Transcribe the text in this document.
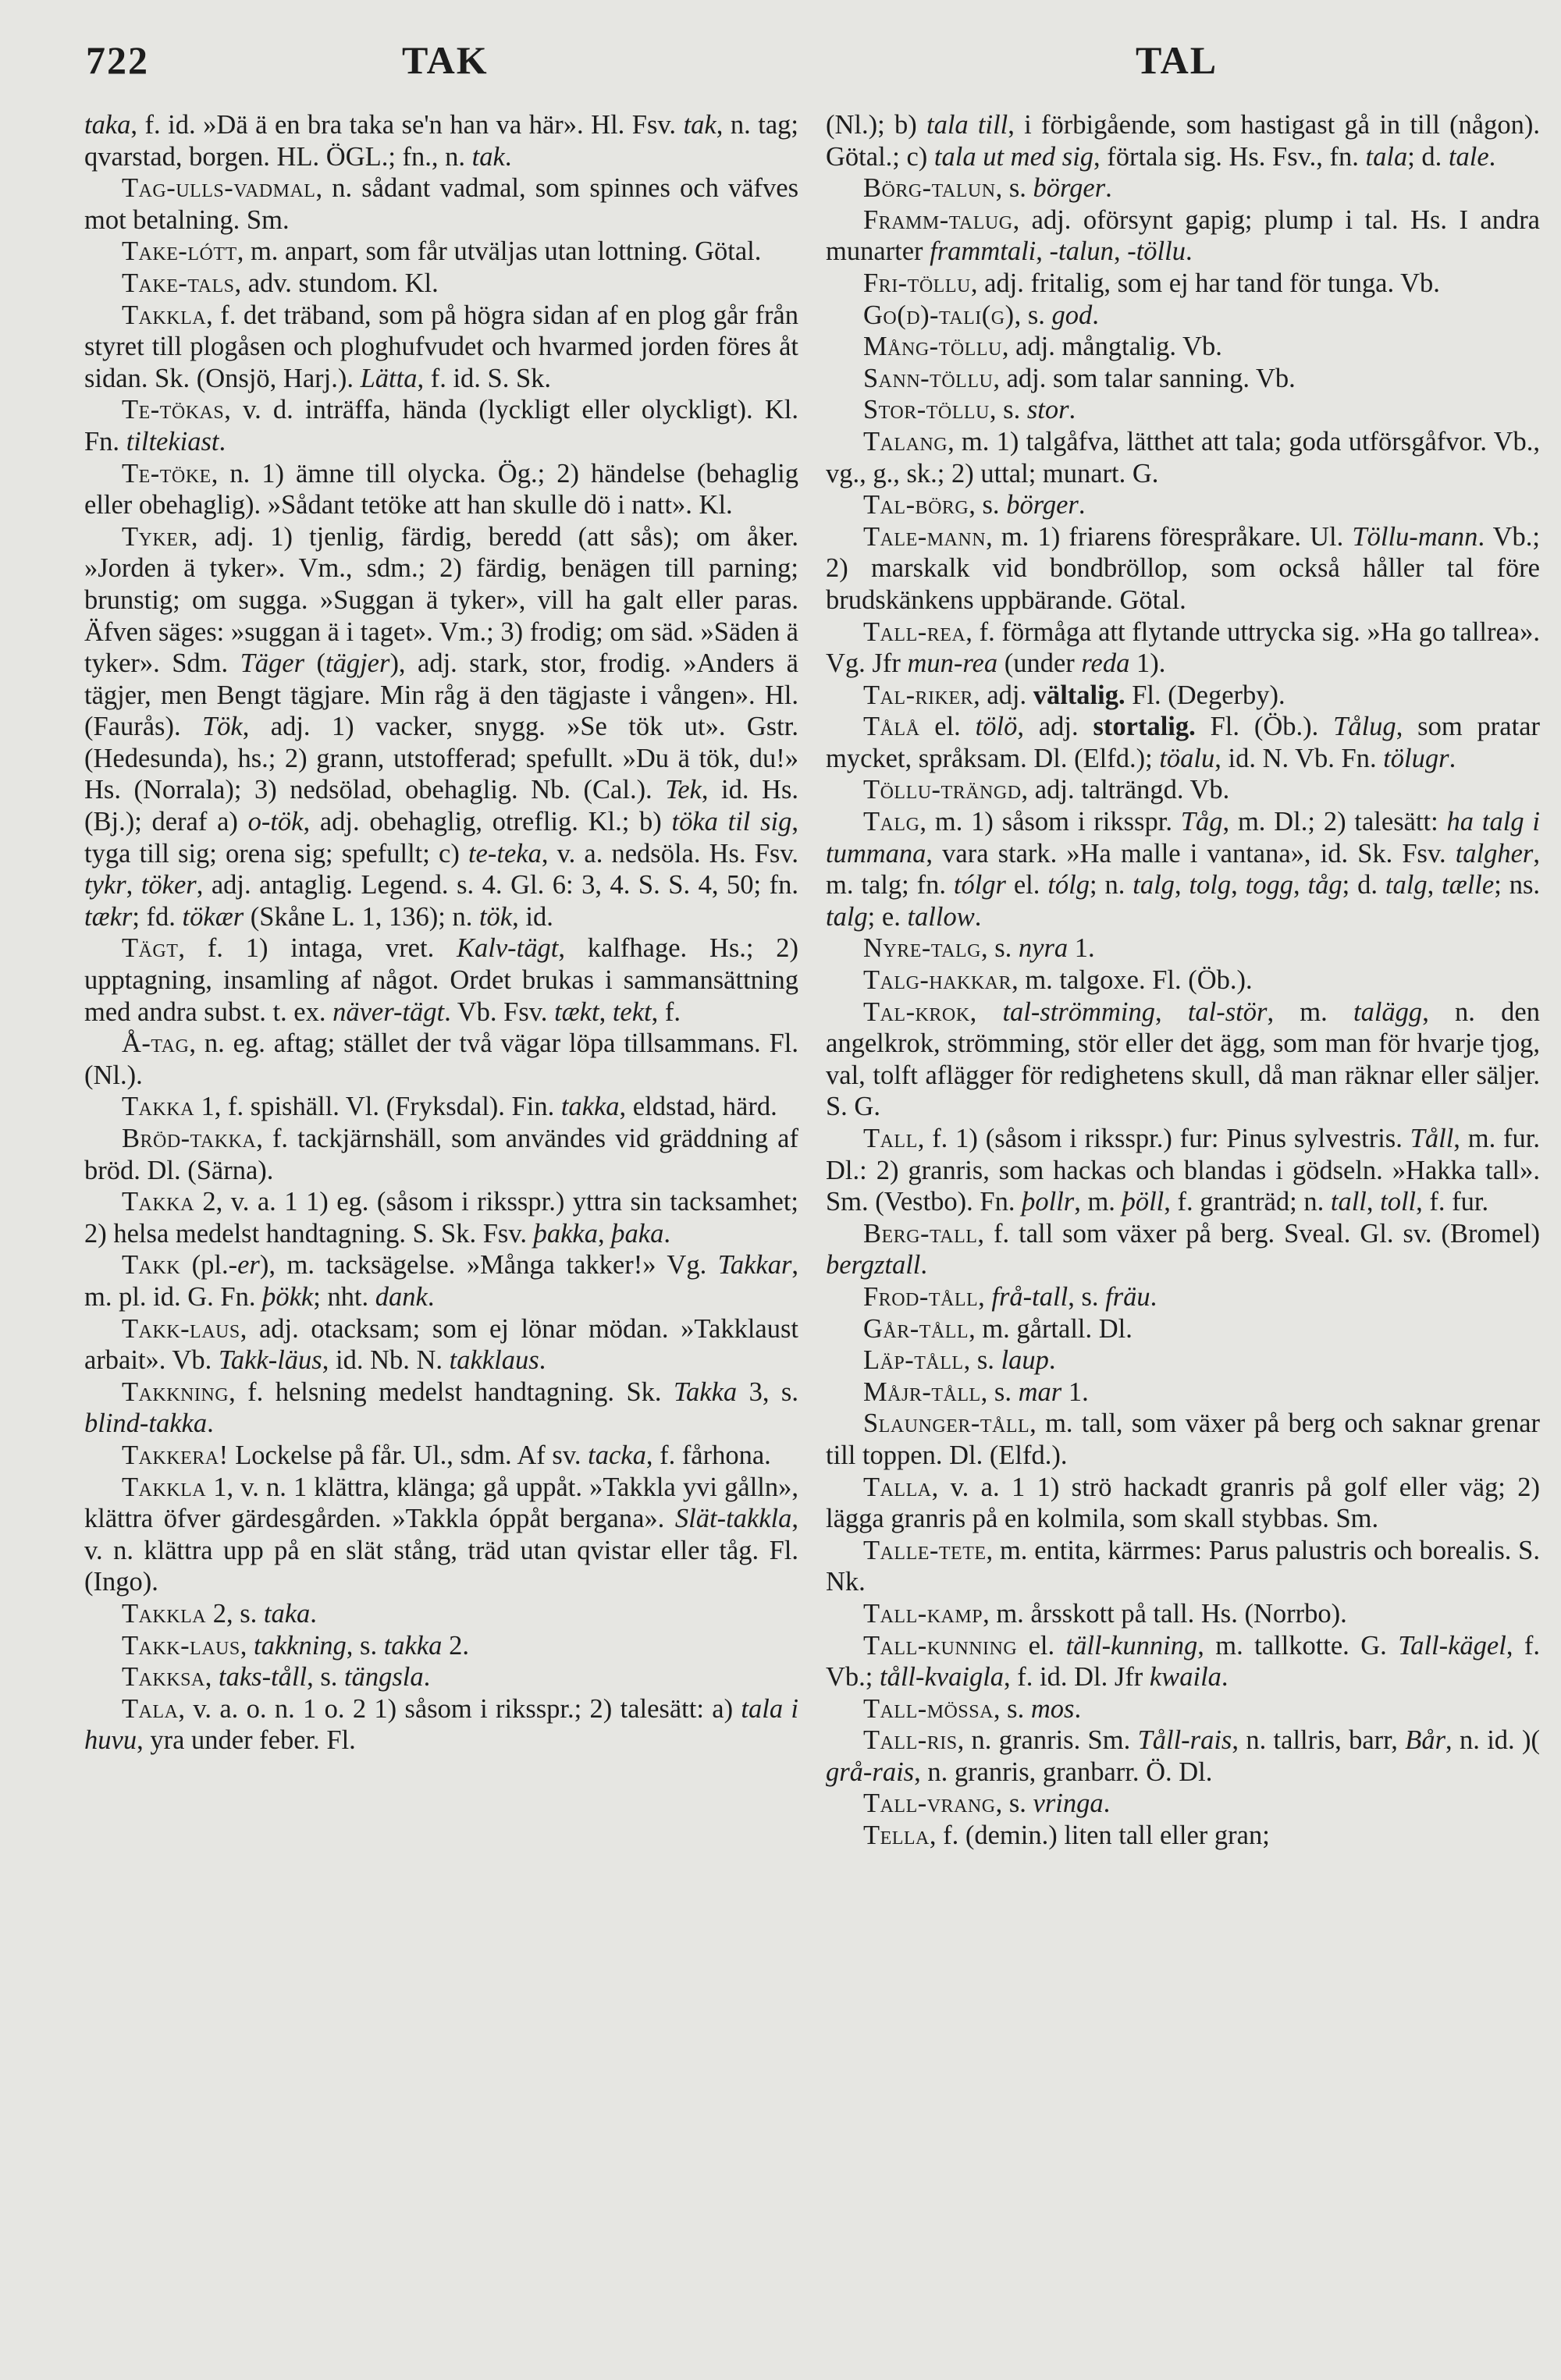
722	TAK	TAL

taka, f. id. »Dä ä en bra taka se'n han va här». Hl. Fsv. tak, n. tag; qvarstad, borgen. HL. ÖGL.; fn., n. tak.

Tag-ulls-vadmal, n. sådant vadmal, som spinnes och väfves mot betalning. Sm.

Take-lótt, m. anpart, som får utväljas utan lottning. Götal.

Take-tals, adv. stundom. Kl.

Takkla, f. det träband, som på högra sidan af en plog går från styret till plogåsen och ploghufvudet och hvarmed jorden föres åt sidan. Sk. (Onsjö, Harj.). Lätta, f. id. S. Sk.

Te-tökas, v. d. inträffa, hända (lyckligt eller olyckligt). Kl. Fn. tiltekiast.

Te-töke, n. 1) ämne till olycka. Ög.; 2) händelse (behaglig eller obehaglig). »Sådant tetöke att han skulle dö i natt». Kl.

Tyker, adj. 1) tjenlig, färdig, beredd (att sås); om åker. »Jorden ä tyker». Vm., sdm.; 2) färdig, benägen till parning; brunstig; om sugga. »Suggan ä tyker», vill ha galt eller paras. Äfven säges: »suggan ä i taget». Vm.; 3) frodig; om säd. »Säden ä tyker». Sdm. Täger (tägjer), adj. stark, stor, frodig. »Anders ä tägjer, men Bengt tägjare. Min råg ä den tägjaste i vången». Hl. (Faurås). Tök, adj. 1) vacker, snygg. »Se tök ut». Gstr. (Hedesunda), hs.; 2) grann, utstofferad; spefullt. »Du ä tök, du!» Hs. (Norrala); 3) nedsölad, obehaglig. Nb. (Cal.). Tek, id. Hs. (Bj.); deraf a) o-tök, adj. obehaglig, otreflig. Kl.; b) töka til sig, tyga till sig; orena sig; spefullt; c) te-teka, v. a. nedsöla. Hs. Fsv. tykr, töker, adj. antaglig. Legend. s. 4. Gl. 6: 3, 4. S. S. 4, 50; fn. tækr; fd. tökær (Skåne L. 1, 136); n. tök, id.

Tägt, f. 1) intaga, vret. Kalv-tägt, kalfhage. Hs.; 2) upptagning, insamling af något. Ordet brukas i sammansättning med andra subst. t. ex. näver-tägt. Vb. Fsv. tækt, tekt, f.

Å-tag, n. eg. aftag; stället der två vägar löpa tillsammans. Fl. (Nl.).

Takka 1, f. spishäll. Vl. (Fryksdal). Fin. takka, eldstad, härd.

Bröd-takka, f. tackjärnshäll, som användes vid gräddning af bröd. Dl. (Särna).

Takka 2, v. a. 1 1) eg. (såsom i riksspr.) yttra sin tacksamhet; 2) helsa medelst handtagning. S. Sk. Fsv. þakka, þaka.

Takk (pl.-er), m. tacksägelse. »Många takker!» Vg. Takkar, m. pl. id. G. Fn. þökk; nht. dank.

Takk-laus, adj. otacksam; som ej lönar mödan. »Takklaust arbait». Vb. Takk-läus, id. Nb. N. takklaus.

Takkning, f. helsning medelst handtagning. Sk. Takka 3, s. blind-takka.

Takkera! Lockelse på får. Ul., sdm. Af sv. tacka, f. fårhona.

Takkla 1, v. n. 1 klättra, klänga; gå uppåt. »Takkla yvi gålln», klättra öfver gärdesgården. »Takkla óppåt bergana». Slät-takkla, v. n. klättra upp på en slät stång, träd utan qvistar eller tåg. Fl. (Ingo).

Takkla 2, s. taka.

Takk-laus, takkning, s. takka 2.

Takksa, taks-tåll, s. tängsla.

Tala, v. a. o. n. 1 o. 2 1) såsom i riksspr.; 2) talesätt: a) tala i huvu, yra under feber. Fl.

(Nl.); b) tala till, i förbigående, som hastigast gå in till (någon). Götal.; c) tala ut med sig, förtala sig. Hs. Fsv., fn. tala; d. tale.

Börg-talun, s. börger.

Framm-talug, adj. oförsynt gapig; plump i tal. Hs. I andra munarter frammtali, -talun, -töllu.

Fri-töllu, adj. fritalig, som ej har tand för tunga. Vb.

Go(d)-tali(g), s. god.

Mång-töllu, adj. mångtalig. Vb.

Sann-töllu, adj. som talar sanning. Vb.

Stor-töllu, s. stor.

Talang, m. 1) talgåfva, lätthet att tala; goda utförsgåfvor. Vb., vg., g., sk.; 2) uttal; munart. G.

Tal-börg, s. börger.

Tale-mann, m. 1) friarens förespråkare. Ul. Töllu-mann. Vb.; 2) marskalk vid bondbröllop, som också håller tal före brudskänkens uppbärande. Götal.

Tall-rea, f. förmåga att flytande uttrycka sig. »Ha go tallrea». Vg. Jfr mun-rea (under reda 1).

Tal-riker, adj. vältalig. Fl. (Degerby).

Tålå el. tölö, adj. stortalig. Fl. (Öb.). Tålug, som pratar mycket, språksam. Dl. (Elfd.); töalu, id. N. Vb. Fn. tölugr.

Töllu-trängd, adj. talträngd. Vb.

Talg, m. 1) såsom i riksspr. Tåg, m. Dl.; 2) talesätt: ha talg i tummana, vara stark. »Ha malle i vantana», id. Sk. Fsv. talgher, m. talg; fn. tólgr el. tólg; n. talg, tolg, togg, tåg; d. talg, tælle; ns. talg; e. tallow.

Nyre-talg, s. nyra 1.

Talg-hakkar, m. talgoxe. Fl. (Öb.).

Tal-krok, tal-strömming, tal-stör, m. talägg, n. den angelkrok, strömming, stör eller det ägg, som man för hvarje tjog, val, tolft aflägger för redighetens skull, då man räknar eller säljer. S. G.

Tall, f. 1) (såsom i riksspr.) fur: Pinus sylvestris. Tåll, m. fur. Dl.: 2) granris, som hackas och blandas i gödseln. »Hakka tall». Sm. (Vestbo). Fn. þollr, m. þöll, f. granträd; n. tall, toll, f. fur.

Berg-tall, f. tall som växer på berg. Sveal. Gl. sv. (Bromel) bergztall.

Frod-tåll, frå-tall, s. fräu.

Går-tåll, m. gårtall. Dl.

Läp-tåll, s. laup.

Måjr-tåll, s. mar 1.

Slaunger-tåll, m. tall, som växer på berg och saknar grenar till toppen. Dl. (Elfd.).

Talla, v. a. 1 1) strö hackadt granris på golf eller väg; 2) lägga granris på en kolmila, som skall stybbas. Sm.

Talle-tete, m. entita, kärrmes: Parus palustris och borealis. S. Nk.

Tall-kamp, m. årsskott på tall. Hs. (Norrbo).

Tall-kunning el. täll-kunning, m. tallkotte. G. Tall-kägel, f. Vb.; tåll-kvaigla, f. id. Dl. Jfr kwaila.

Tall-mössa, s. mos.

Tall-ris, n. granris. Sm. Tåll-rais, n. tallris, barr, Bår, n. id. )( grå-rais, n. granris, granbarr. Ö. Dl.

Tall-vrang, s. vringa.

Tella, f. (demin.) liten tall eller gran;
